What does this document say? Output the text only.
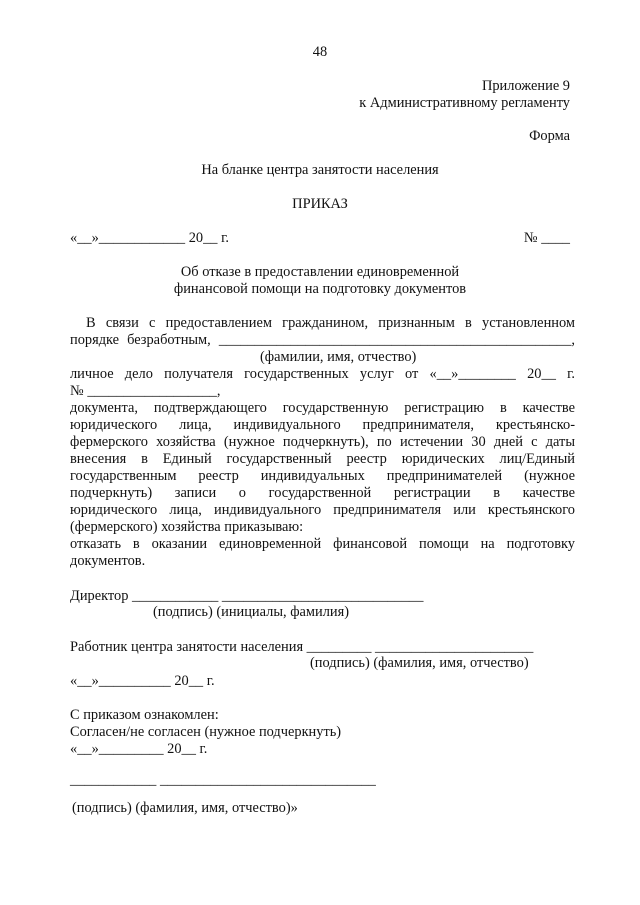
48
Приложение 9
к Административному регламенту
Форма
На бланке центра занятости населения
ПРИКАЗ
«__»____________ 20__ г.	№ ____
Об отказе в предоставлении единовременной
финансовой помощи на подготовку документов
В связи с предоставлением гражданином, признанным в установленном
порядке безработным, _________________________________________________,
(фамилии, имя, отчество)
личное дело получателя государственных услуг от «__»________ 20__ г.
№ __________________,
документа, подтверждающего государственную регистрацию в качестве
юридического лица, индивидуального предпринимателя, крестьянско-
фермерского хозяйства (нужное подчеркнуть), по истечении 30 дней с даты
внесения в Единый государственный реестр юридических лиц/Единый
государственным реестр индивидуальных предпринимателей (нужное
подчеркнуть) записи о государственной регистрации в качестве
юридического лица, индивидуального предпринимателя или крестьянского
(фермерского) хозяйства приказываю:
отказать в оказании единовременной финансовой помощи на подготовку
документов.
Директор ____________ ____________________________
(подпись) (инициалы, фамилия)
Работник центра занятости населения _________ ______________________
(подпись) (фамилия, имя, отчество)
«__»__________ 20__ г.
С приказом ознакомлен:
Согласен/не согласен (нужное подчеркнуть)
«__»_________ 20__ г.
____________ ______________________________
(подпись) (фамилия, имя, отчество)»
